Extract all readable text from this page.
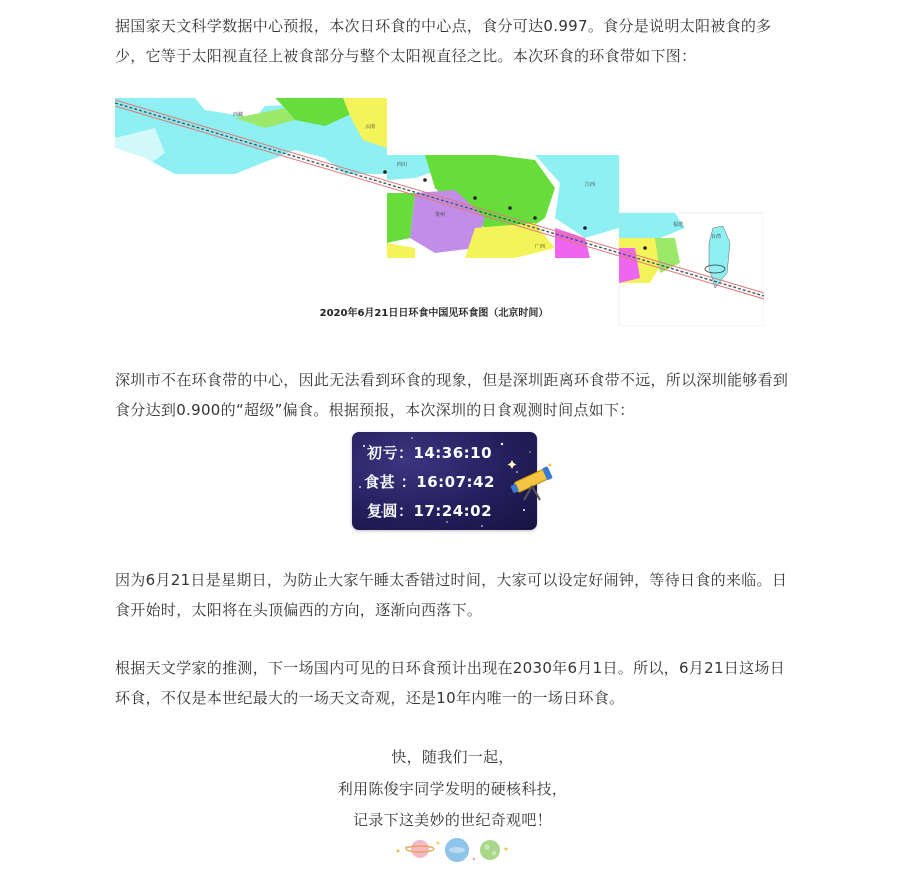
据国家天文科学数据中心预报，本次日环食的中心点，食分可达0.997。食分是说明太阳被食的多少，它等于太阳视直径上被食部分与整个太阳视直径之比。本次环食的环食带如下图：

西藏
四川
贵州
江西
福建
台湾
云南
广西
2020年6月21日日环食中国见环食图（北京时间）

深圳市不在环食带的中心，因此无法看到环食的现象，但是深圳距离环食带不远，所以深圳能够看到食分达到0.900的“超级”偏食。根据预报，本次深圳的日食观测时间点如下：

初亏：14:36:10
食甚 ：16:07:42
复圆：17:24:02

因为6月21日是星期日，为防止大家午睡太香错过时间，大家可以设定好闹钟，等待日食的来临。日食开始时，太阳将在头顶偏西的方向，逐渐向西落下。

根据天文学家的推测，下一场国内可见的日环食预计出现在2030年6月1日。所以，6月21日这场日环食，不仅是本世纪最大的一场天文奇观，还是10年内唯一的一场日环食。

快，随我们一起，

利用陈俊宇同学发明的硬核科技，

记录下这美妙的世纪奇观吧！
